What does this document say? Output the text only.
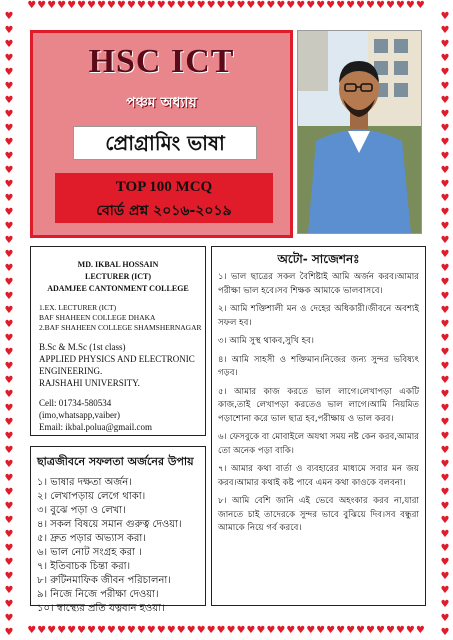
♥♥♥♥♥♥♥♥♥♥♥♥♥♥♥♥♥♥♥♥♥♥♥♥♥♥♥♥♥♥♥♥♥♥♥♥♥♥♥♥
♥♥♥♥♥♥♥♥♥♥♥♥♥♥♥♥♥♥♥♥♥♥♥♥♥♥♥♥♥♥♥♥♥♥♥♥♥♥♥♥
♥♥♥♥♥♥♥♥♥♥♥♥♥♥♥♥♥♥♥♥♥♥♥♥♥♥♥♥♥♥♥♥♥♥♥♥♥♥♥♥♥♥♥♥♥
♥♥♥♥♥♥♥♥♥♥♥♥♥♥♥♥♥♥♥♥♥♥♥♥♥♥♥♥♥♥♥♥♥♥♥♥♥♥♥♥♥♥♥♥♥
HSC ICT
পঞ্চম অধ্যায়
প্রোগ্রামিং ভাষা
TOP 100 MCQ
বোর্ড প্রশ্ন ২০১৬-২০১৯
MD. IKBAL HOSSAIN
LECTURER (ICT)
ADAMJEE CANTONMENT COLLEGE
1.EX. LECTURER (ICT)
BAF SHAHEEN COLLEGE DHAKA
2.BAF SHAHEEN COLLEGE SHAMSHERNAGAR
B.Sc & M.Sc (1st class)
APPLIED PHYSICS AND ELECTRONIC
ENGINEERING.
RAJSHAHI UNIVERSITY.
Cell: 01734-580534
(imo,whatsapp,vaiber)
Email: ikbal.polua@gmail.com
ছাত্রজীবনে সফলতা অর্জনের উপায়
১। ভাষার দক্ষতা অর্জন।
২। লেখাপড়ায় লেগে থাকা।
৩। বুঝে পড়া ও লেখা।
৪। সকল বিষয়ে সমান গুরুত্ব দেওয়া।
৫। দ্রুত পড়ার অভ্যাস করা।
৬। ভাল নোট সংগ্রহ করা ।
৭। ইতিবাচক চিন্তা করা।
৮। রুটিনমাফিক জীবন পরিচালনা।
৯। নিজে নিজে পরীক্ষা দেওয়া।
১০। স্বাস্থ্যের প্রতি যত্নবান হওয়া।
অটো- সাজেশনঃ

১। ভাল ছাত্রের সকল বৈশিষ্টাই আমি অর্জন করব।আমার পরীক্ষা ভাল হবে।সব শিক্ষক আমাকে ভালবাসবে।

২। আমি শক্তিশালী মন ও দেহের অধিকারী।জীবনে অবশ্যই সফল হব।

৩। আমি সুস্থ থাকব,সুখি হব।

৪। আমি সাহসী ও শক্তিমান।নিজের জন্য সুন্দর ভবিষ্যৎ গড়ব।

৫। আমার কাজ করতে ভাল লাগে।লেখাপড়া একটি কাজ,তাই লেখাপড়া করতেও ভাল লাগে।আমি নিয়মিত পড়াশোনা করে ভাল ছাত্র হব,পরীক্ষায় ও ভাল করব।

৬। ফেসবুকে বা মোবাইলে অযথা সময় নষ্ট কেন করব,আমার তো অনেক পড়া বাকি।

৭। আমার কথা বার্তা ও ব্যবহারের মাধ্যমে সবার মন জয় করব।আমার কথাই কষ্ট পাবে এমন কথা কাওকে বলবনা।

৮। আমি বেশি জানি এই ভেবে অহংকার করব না,যারা জানতে চাই তাদেরকে সুন্দর ভাবে বুঝিয়ে দিব।সব বন্ধুরা আমাকে নিয়ে গর্ব করবে।
